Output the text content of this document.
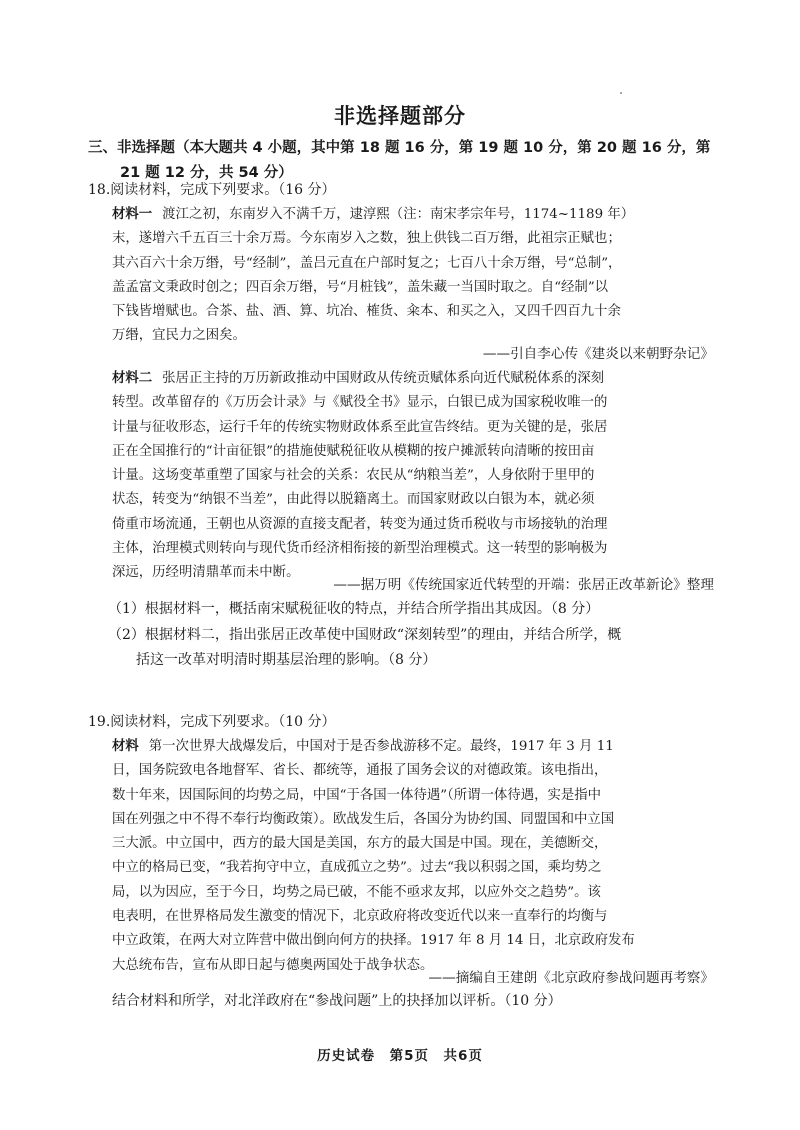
非选择题部分
三、非选择题（本大题共 4 小题，其中第 18 题 16 分，第 19 题 10 分，第 20 题 16 分，第
21 题 12 分，共 54 分）
18.阅读材料，完成下列要求。（16 分）
材料一 渡江之初，东南岁入不满千万，逮淳熙（注：南宋孝宗年号，1174~1189 年）
末，遂增六千五百三十余万焉。今东南岁入之数，独上供钱二百万缗，此祖宗正赋也；
其六百六十余万缗，号“经制”，盖吕元直在户部时复之；七百八十余万缗，号“总制”，
盖孟富文秉政时创之；四百余万缗，号“月桩钱”，盖朱藏一当国时取之。自“经制”以
下钱皆增赋也。合茶、盐、酒、算、坑冶、榷货、籴本、和买之入，又四千四百九十余
万缗，宜民力之困矣。
——引自李心传《建炎以来朝野杂记》
材料二 张居正主持的万历新政推动中国财政从传统贡赋体系向近代赋税体系的深刻
转型。改革留存的《万历会计录》与《赋役全书》显示，白银已成为国家税收唯一的
计量与征收形态，运行千年的传统实物财政体系至此宣告终结。更为关键的是，张居
正在全国推行的“计亩征银”的措施使赋税征收从模糊的按户摊派转向清晰的按田亩
计量。这场变革重塑了国家与社会的关系：农民从“纳粮当差”，人身依附于里甲的
状态，转变为“纳银不当差”，由此得以脱籍离土。而国家财政以白银为本，就必须
倚重市场流通，王朝也从资源的直接支配者，转变为通过货币税收与市场接轨的治理
主体，治理模式则转向与现代货币经济相衔接的新型治理模式。这一转型的影响极为
深远，历经明清鼎革而未中断。
——据万明《传统国家近代转型的开端：张居正改革新论》整理
（1）根据材料一，概括南宋赋税征收的特点，并结合所学指出其成因。（8 分）
（2）根据材料二，指出张居正改革使中国财政“深刻转型”的理由，并结合所学，概
括这一改革对明清时期基层治理的影响。（8 分）
19.阅读材料，完成下列要求。（10 分）
材料 第一次世界大战爆发后，中国对于是否参战游移不定。最终，1917 年 3 月 11
日，国务院致电各地督军、省长、都统等，通报了国务会议的对德政策。该电指出，
数十年来，因国际间的均势之局，中国“于各国一体待遇”（所谓一体待遇，实是指中
国在列强之中不得不奉行均衡政策）。欧战发生后，各国分为协约国、同盟国和中立国
三大派。中立国中，西方的最大国是美国，东方的最大国是中国。现在，美德断交，
中立的格局已变，“我若拘守中立，直成孤立之势”。过去“我以积弱之国，乘均势之
局，以为因应，至于今日，均势之局已破，不能不亟求友邦，以应外交之趋势”。该
电表明，在世界格局发生激变的情况下，北京政府将改变近代以来一直奉行的均衡与
中立政策，在两大对立阵营中做出倒向何方的抉择。1917 年 8 月 14 日，北京政府发布
大总统布告，宣布从即日起与德奥两国处于战争状态。
——摘编自王建朗《北京政府参战问题再考察》
结合材料和所学，对北洋政府在“参战问题”上的抉择加以评析。（10 分）
历史试卷　第5页　共6页
